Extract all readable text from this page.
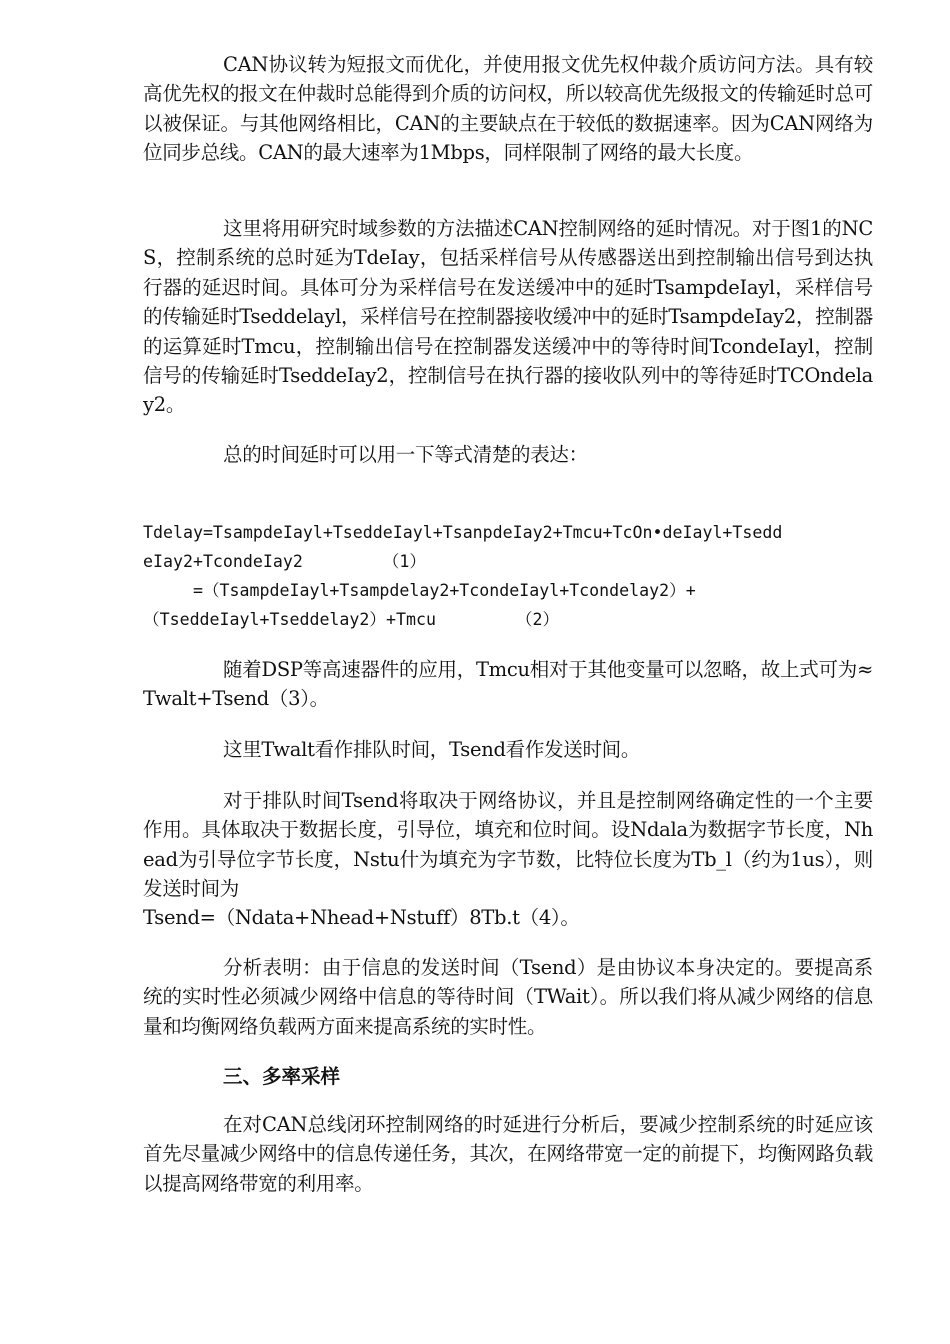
CAN协议转为短报文而优化，并使用报文优先权仲裁介质访问方法。具有较高优先权的报文在仲裁时总能得到介质的访问权，所以较高优先级报文的传输延时总可以被保证。与其他网络相比，CAN的主要缺点在于较低的数据速率。因为CAN网络为位同步总线。CAN的最大速率为1Mbps，同样限制了网络的最大长度。

这里将用研究时域参数的方法描述CAN控制网络的延时情况。对于图1的NCS，控制系统的总时延为TdeIay，包括采样信号从传感器送出到控制输出信号到达执行器的延迟时间。具体可分为采样信号在发送缓冲中的延时TsampdeIayl，采样信号的传输延时Tseddelayl，采样信号在控制器接收缓冲中的延时TsampdeIay2，控制器的运算延时Tmcu，控制输出信号在控制器发送缓冲中的等待时间TcondeIayl，控制信号的传输延时TseddeIay2，控制信号在执行器的接收队列中的等待延时TCOndelay2。

总的时间延时可以用一下等式清楚的表达：

Tdelay=TsampdeIayl+TseddeIayl+TsanpdeIay2+Tmcu+TcOn•deIayl+Tsedd

eIay2+TcondeIay2        （1）

=（TsampdeIayl+Tsampdelay2+TcondeIayl+Tcondelay2）+

（TseddeIayl+Tseddelay2）+Tmcu        （2）

随着DSP等高速器件的应用，Tmcu相对于其他变量可以忽略，故上式可为≈Twalt+Tsend（3）。

这里Twalt看作排队时间，Tsend看作发送时间。

对于排队时间Tsend将取决于网络协议，并且是控制网络确定性的一个主要作用。具体取决于数据长度，引导位，填充和位时间。设Ndala为数据字节长度，Nhead为引导位字节长度，Nstu什为填充为字节数，比特位长度为Tb_l（约为1us），则发送时间为

Tsend=（Ndata+Nhead+Nstuff）8Tb.t（4）。

分析表明：由于信息的发送时间（Tsend）是由协议本身决定的。要提高系统的实时性必须减少网络中信息的等待时间（TWait）。所以我们将从减少网络的信息量和均衡网络负载两方面来提高系统的实时性。

三、多率采样

在对CAN总线闭环控制网络的时延进行分析后，要减少控制系统的时延应该首先尽量减少网络中的信息传递任务，其次，在网络带宽一定的前提下，均衡网路负载以提高网络带宽的利用率。
